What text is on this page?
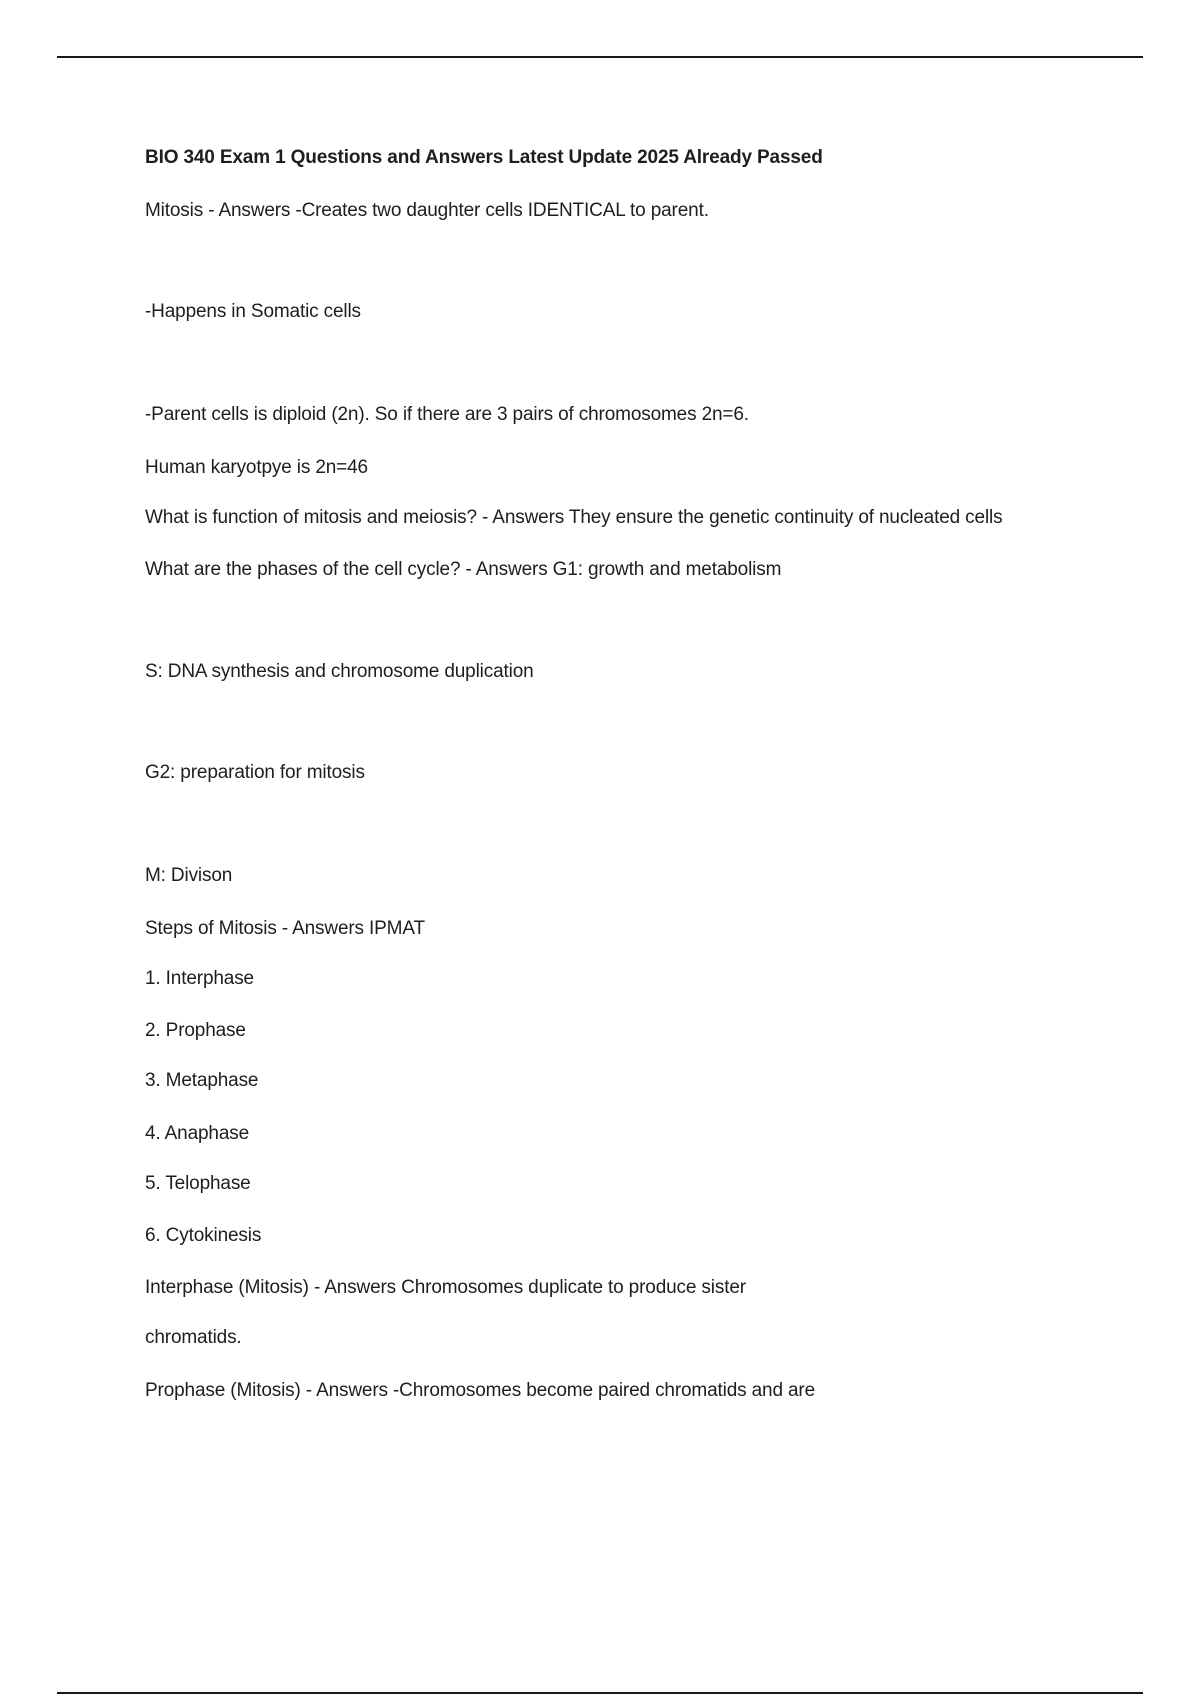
BIO 340 Exam 1 Questions and Answers Latest Update 2025 Already Passed
Mitosis - Answers -Creates two daughter cells IDENTICAL to parent.
-Happens in Somatic cells
-Parent cells is diploid (2n). So if there are 3 pairs of chromosomes 2n=6.
Human karyotpye is 2n=46
What is function of mitosis and meiosis? - Answers They ensure the genetic continuity of nucleated cells
What are the phases of the cell cycle? - Answers G1: growth and metabolism
S: DNA synthesis and chromosome duplication
G2: preparation for mitosis
M: Divison
Steps of Mitosis - Answers IPMAT
1. Interphase
2. Prophase
3. Metaphase
4. Anaphase
5. Telophase
6. Cytokinesis
Interphase (Mitosis) - Answers Chromosomes duplicate to produce sister
chromatids.
Prophase (Mitosis) - Answers -Chromosomes become paired chromatids and are
